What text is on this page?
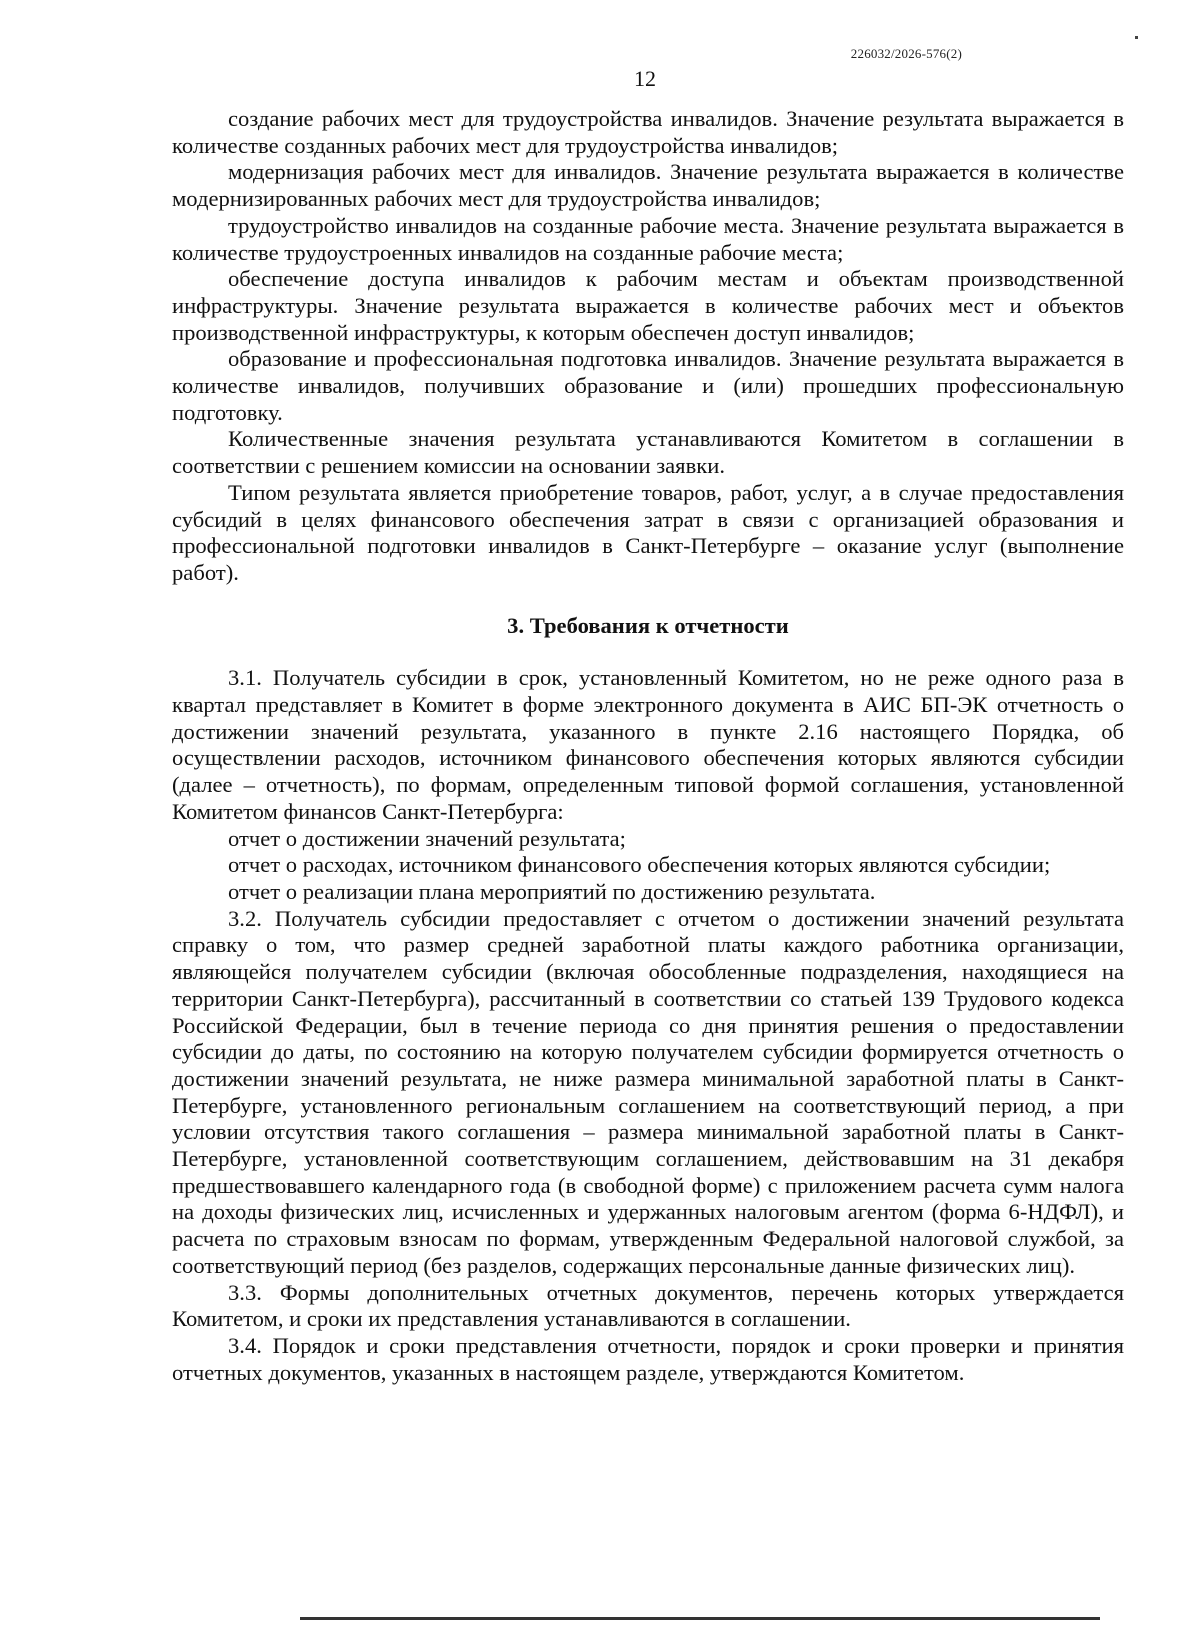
226032/2026-576(2)
12

создание рабочих мест для трудоустройства инвалидов. Значение результата выражается в количестве созданных рабочих мест для трудоустройства инвалидов;

модернизация рабочих мест для инвалидов. Значение результата выражается в количестве модернизированных рабочих мест для трудоустройства инвалидов;

трудоустройство инвалидов на созданные рабочие места. Значение результата выражается в количестве трудоустроенных инвалидов на созданные рабочие места;

обеспечение доступа инвалидов к рабочим местам и объектам производственной инфраструктуры. Значение результата выражается в количестве рабочих мест и объектов производственной инфраструктуры, к которым обеспечен доступ инвалидов;

образование и профессиональная подготовка инвалидов. Значение результата выражается в количестве инвалидов, получивших образование и (или) прошедших профессиональную подготовку.

Количественные значения результата устанавливаются Комитетом в соглашении в соответствии с решением комиссии на основании заявки.

Типом результата является приобретение товаров, работ, услуг, а в случае предоставления субсидий в целях финансового обеспечения затрат в связи с организацией образования и профессиональной подготовки инвалидов в Санкт-Петербурге – оказание услуг (выполнение работ).

3. Требования к отчетности

3.1. Получатель субсидии в срок, установленный Комитетом, но не реже одного раза в квартал представляет в Комитет в форме электронного документа в АИС БП-ЭК отчетность о достижении значений результата, указанного в пункте 2.16 настоящего Порядка, об осуществлении расходов, источником финансового обеспечения которых являются субсидии (далее – отчетность), по формам, определенным типовой формой соглашения, установленной Комитетом финансов Санкт-Петербурга:

отчет о достижении значений результата;

отчет о расходах, источником финансового обеспечения которых являются субсидии;

отчет о реализации плана мероприятий по достижению результата.

3.2. Получатель субсидии предоставляет с отчетом о достижении значений результата справку о том, что размер средней заработной платы каждого работника организации, являющейся получателем субсидии (включая обособленные подразделения, находящиеся на территории Санкт-Петербурга), рассчитанный в соответствии со статьей 139 Трудового кодекса Российской Федерации, был в течение периода со дня принятия решения о предоставлении субсидии до даты, по состоянию на которую получателем субсидии формируется отчетность о достижении значений результата, не ниже размера минимальной заработной платы в Санкт-Петербурге, установленного региональным соглашением на соответствующий период, а при условии отсутствия такого соглашения – размера минимальной заработной платы в Санкт-Петербурге, установленной соответствующим соглашением, действовавшим на 31 декабря предшествовавшего календарного года (в свободной форме) с приложением расчета сумм налога на доходы физических лиц, исчисленных и удержанных налоговым агентом (форма 6-НДФЛ), и расчета по страховым взносам по формам, утвержденным Федеральной налоговой службой, за соответствующий период (без разделов, содержащих персональные данные физических лиц).

3.3. Формы дополнительных отчетных документов, перечень которых утверждается Комитетом, и сроки их представления устанавливаются в соглашении.

3.4. Порядок и сроки представления отчетности, порядок и сроки проверки и принятия отчетных документов, указанных в настоящем разделе, утверждаются Комитетом.
